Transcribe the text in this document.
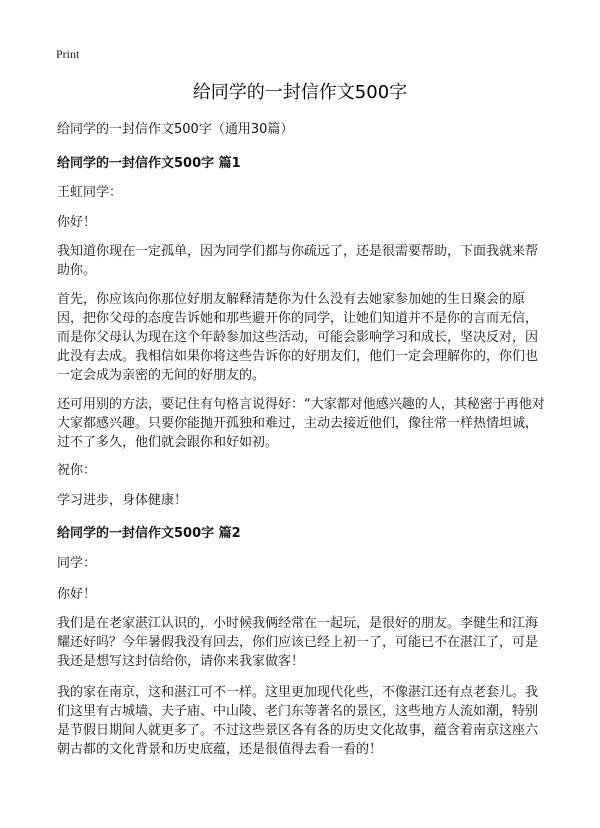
Print
给同学的一封信作文500字
给同学的一封信作文500字（通用30篇）
给同学的一封信作文500字 篇1
王虹同学：
你好！
我知道你现在一定孤单，因为同学们都与你疏远了，还是很需要帮助，下面我就来帮助你。
首先，你应该向你那位好朋友解释清楚你为什么没有去她家参加她的生日聚会的原因，把你父母的态度告诉她和那些避开你的同学，让她们知道并不是你的言而无信，而是你父母认为现在这个年龄参加这些活动，可能会影响学习和成长，坚决反对，因此没有去成。我相信如果你将这些告诉你的好朋友们，他们一定会理解你的，你们也一定会成为亲密的无间的好朋友的。
还可用别的方法，要记住有句格言说得好：“大家都对他感兴趣的人，其秘密于再他对大家都感兴趣。只要你能抛开孤独和难过，主动去接近他们，像往常一样热情坦诚，过不了多久，他们就会跟你和好如初。
祝你：
学习进步，身体健康！
给同学的一封信作文500字 篇2
同学：
你好！
我们是在老家湛江认识的，小时候我俩经常在一起玩，是很好的朋友。李健生和江海耀还好吗？今年暑假我没有回去，你们应该已经上初一了，可能已不在湛江了，可是我还是想写这封信给你，请你来我家做客！
我的家在南京，这和湛江可不一样。这里更加现代化些，不像湛江还有点老套儿。我们这里有古城墙、夫子庙、中山陵、老门东等著名的景区，这些地方人流如潮，特别是节假日期间人就更多了。不过这些景区各有各的历史文化故事，蕴含着南京这座六朝古都的文化背景和历史底蕴，还是很值得去看一看的！
